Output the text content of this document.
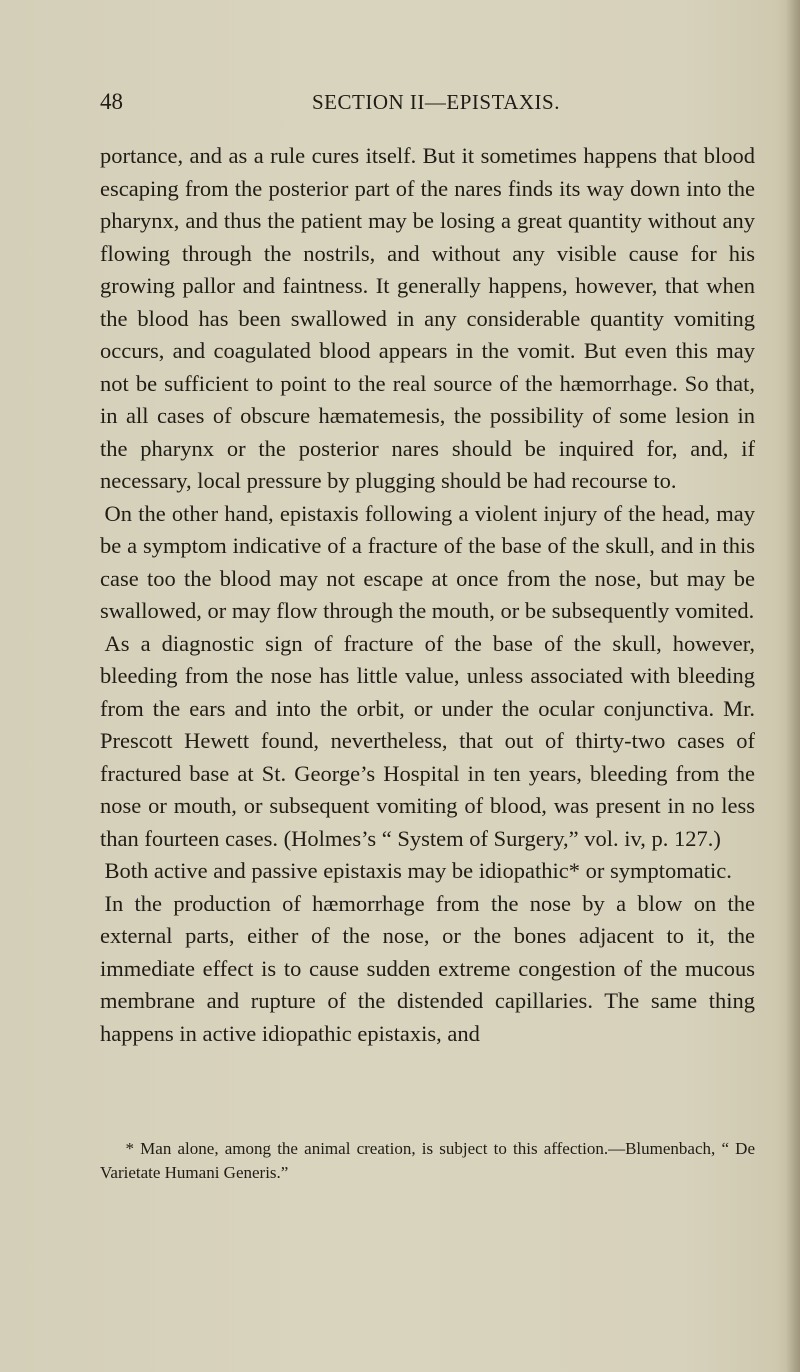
48	SECTION II—EPISTAXIS.

portance, and as a rule cures itself. But it sometimes happens that blood escaping from the posterior part of the nares finds its way down into the pharynx, and thus the patient may be losing a great quantity without any flowing through the nostrils, and without any visible cause for his growing pallor and faintness. It generally happens, however, that when the blood has been swallowed in any considerable quantity vomiting occurs, and coagulated blood appears in the vomit. But even this may not be sufficient to point to the real source of the hæmorrhage. So that, in all cases of obscure hæmatemesis, the possibility of some lesion in the pharynx or the posterior nares should be inquired for, and, if necessary, local pressure by plugging should be had recourse to.

On the other hand, epistaxis following a violent injury of the head, may be a symptom indicative of a fracture of the base of the skull, and in this case too the blood may not escape at once from the nose, but may be swallowed, or may flow through the mouth, or be subsequently vomited.

As a diagnostic sign of fracture of the base of the skull, however, bleeding from the nose has little value, unless associated with bleeding from the ears and into the orbit, or under the ocular conjunctiva. Mr. Prescott Hewett found, nevertheless, that out of thirty-two cases of fractured base at St. George’s Hospital in ten years, bleeding from the nose or mouth, or subsequent vomiting of blood, was present in no less than fourteen cases. (Holmes’s “ System of Surgery,” vol. iv, p. 127.)

Both active and passive epistaxis may be idiopathic* or symptomatic.

In the production of hæmorrhage from the nose by a blow on the external parts, either of the nose, or the bones adjacent to it, the immediate effect is to cause sudden extreme congestion of the mucous membrane and rupture of the distended capillaries. The same thing happens in active idiopathic epistaxis, and

* Man alone, among the animal creation, is subject to this affection.—Blumenbach, “ De Varietate Humani Generis.”
